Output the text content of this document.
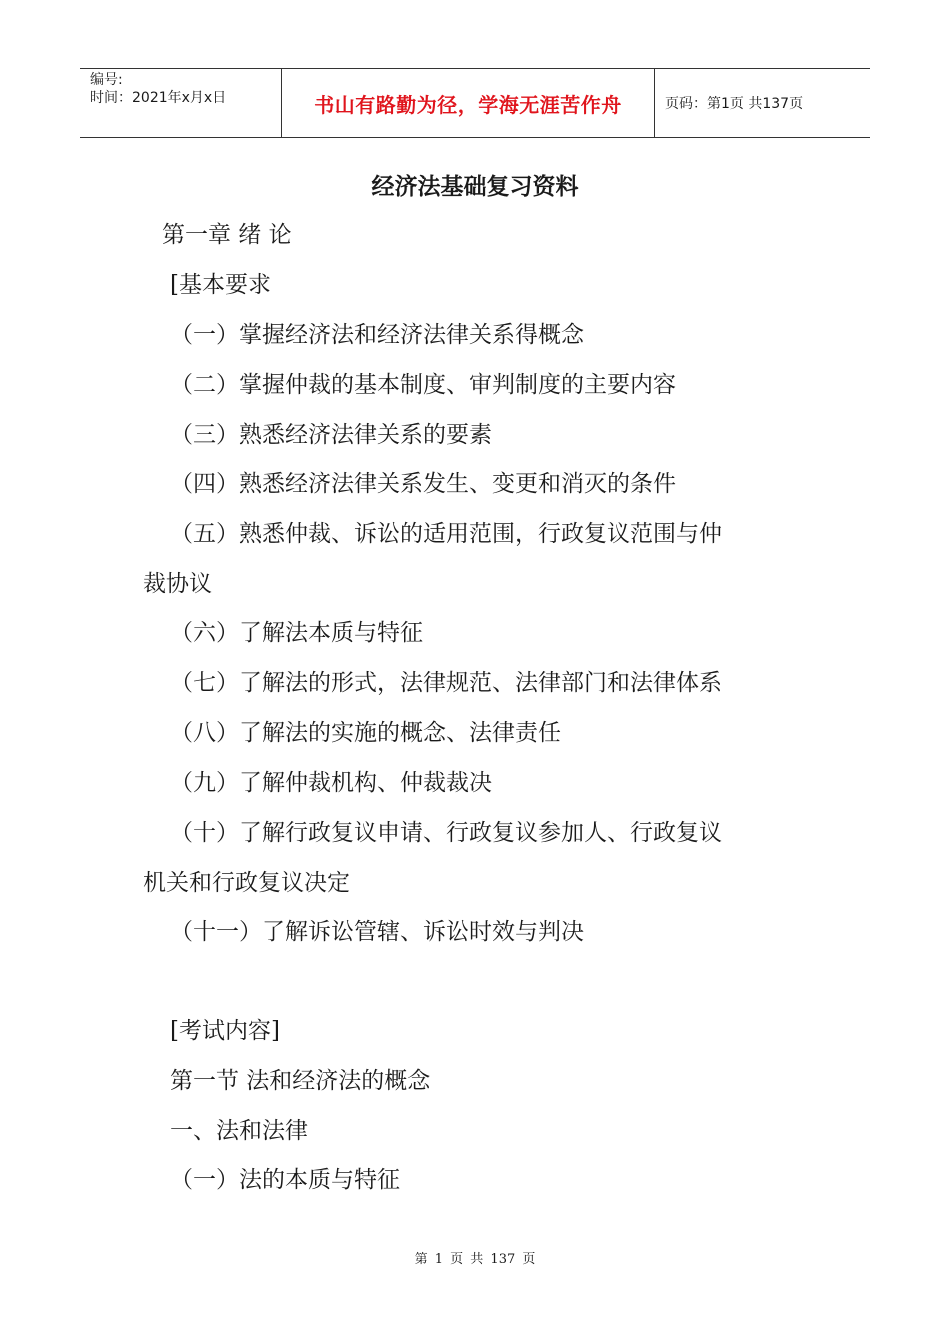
编号:
时间：2021年x月x日	书山有路勤为径，学海无涯苦作舟	页码：第1页 共137页
经济法基础复习资料
第一章 绪 论
[基本要求
（一）掌握经济法和经济法律关系得概念
（二）掌握仲裁的基本制度、审判制度的主要内容
（三）熟悉经济法律关系的要素
（四）熟悉经济法律关系发生、变更和消灭的条件
（五）熟悉仲裁、诉讼的适用范围，行政复议范围与仲
裁协议
（六）了解法本质与特征
（七）了解法的形式，法律规范、法律部门和法律体系
（八）了解法的实施的概念、法律责任
（九）了解仲裁机构、仲裁裁决
（十）了解行政复议申请、行政复议参加人、行政复议
机关和行政复议决定
（十一）了解诉讼管辖、诉讼时效与判决
[考试内容]
第一节 法和经济法的概念
一、法和法律
（一）法的本质与特征
第 1 页 共 137 页
